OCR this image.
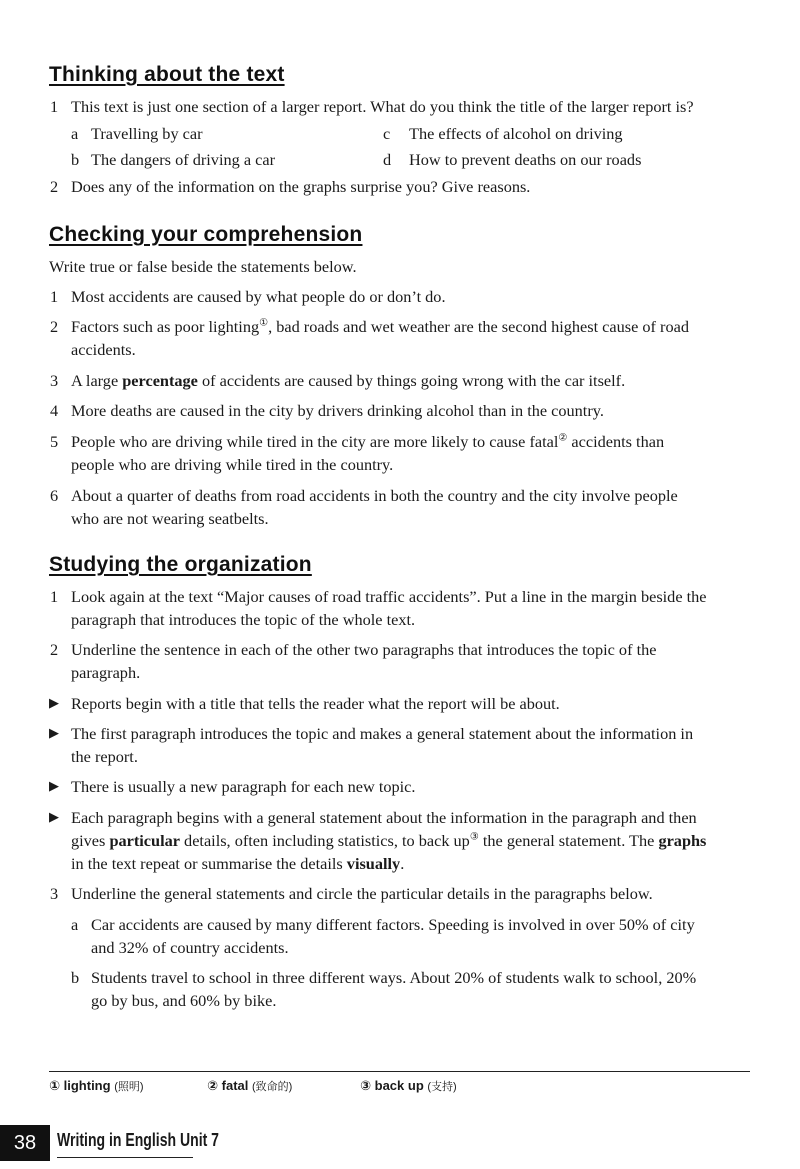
Thinking about the text
1 This text is just one section of a larger report. What do you think the title of the larger report is?
a Travelling by car	c The effects of alcohol on driving
b The dangers of driving a car	d How to prevent deaths on our roads
2 Does any of the information on the graphs surprise you? Give reasons.
Checking your comprehension
Write true or false beside the statements below.
1 Most accidents are caused by what people do or don’t do.
2 Factors such as poor lighting①, bad roads and wet weather are the second highest cause of road
accidents.
3 A large percentage of accidents are caused by things going wrong with the car itself.
4 More deaths are caused in the city by drivers drinking alcohol than in the country.
5 People who are driving while tired in the city are more likely to cause fatal② accidents than
people who are driving while tired in the country.
6 About a quarter of deaths from road accidents in both the country and the city involve people
who are not wearing seatbelts.
Studying the organization
1 Look again at the text “Major causes of road traffic accidents”. Put a line in the margin beside the
paragraph that introduces the topic of the whole text.
2 Underline the sentence in each of the other two paragraphs that introduces the topic of the
paragraph.
▶ Reports begin with a title that tells the reader what the report will be about.
▶ The first paragraph introduces the topic and makes a general statement about the information in
the report.
▶ There is usually a new paragraph for each new topic.
▶ Each paragraph begins with a general statement about the information in the paragraph and then
gives particular details, often including statistics, to back up③ the general statement. The graphs
in the text repeat or summarise the details visually.
3 Underline the general statements and circle the particular details in the paragraphs below.
a Car accidents are caused by many different factors. Speeding is involved in over 50% of city
and 32% of country accidents.
b Students travel to school in three different ways. About 20% of students walk to school, 20%
go by bus, and 60% by bike.
① lighting (照明)	② fatal (致命的)	③ back up (支持)
38	Writing in English Unit 7
